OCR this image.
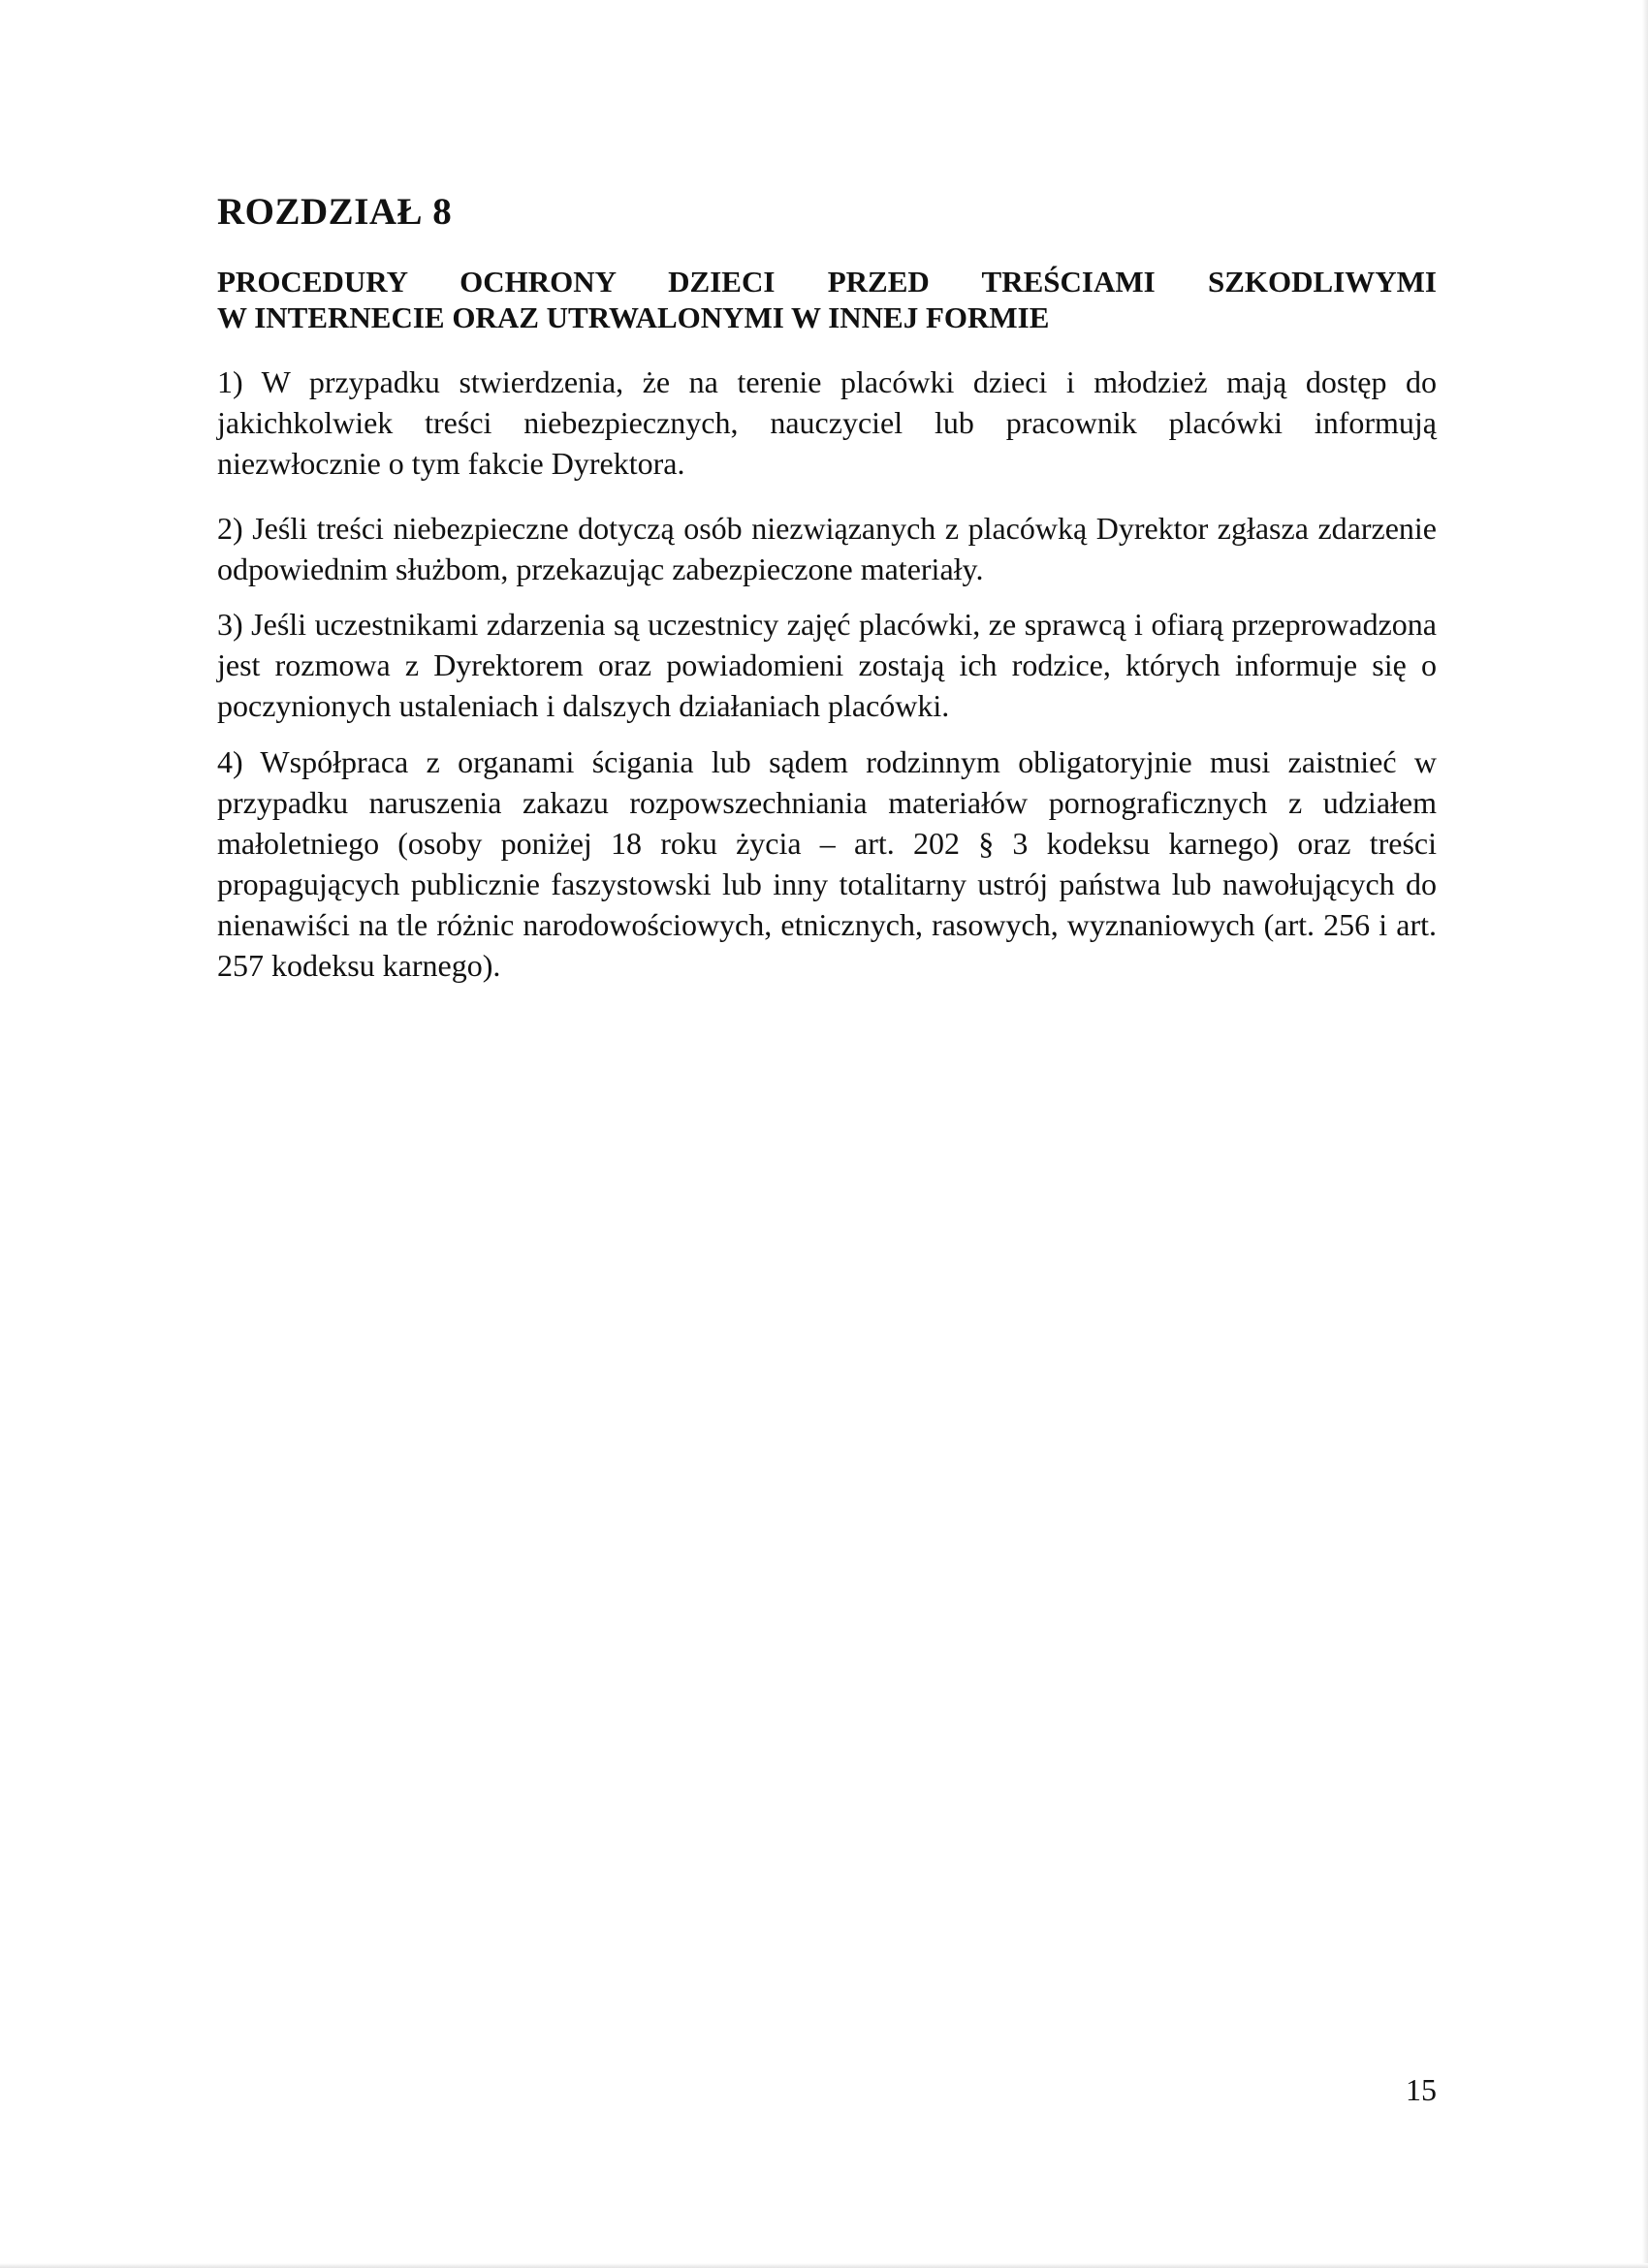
ROZDZIAŁ 8
PROCEDURY OCHRONY DZIECI PRZED TREŚCIAMI SZKODLIWYMI
W INTERNECIE ORAZ UTRWALONYMI W INNEJ FORMIE

1) W przypadku stwierdzenia, że na terenie placówki dzieci i młodzież mają dostęp do jakichkolwiek treści niebezpiecznych, nauczyciel lub pracownik placówki informują niezwłocznie o tym fakcie Dyrektora.

2) Jeśli treści niebezpieczne dotyczą osób niezwiązanych z placówką Dyrektor zgłasza zdarzenie odpowiednim służbom, przekazując zabezpieczone materiały.

3) Jeśli uczestnikami zdarzenia są uczestnicy zajęć placówki, ze sprawcą i ofiarą przeprowadzona jest rozmowa z Dyrektorem oraz powiadomieni zostają ich rodzice, których informuje się o poczynionych ustaleniach i dalszych działaniach placówki.

4) Współpraca z organami ścigania lub sądem rodzinnym obligatoryjnie musi zaistnieć w przypadku naruszenia zakazu rozpowszechniania materiałów pornograficznych z udziałem małoletniego (osoby poniżej 18 roku życia – art. 202 § 3 kodeksu karnego) oraz treści propagujących publicznie faszystowski lub inny totalitarny ustrój państwa lub nawołujących do nienawiści na tle różnic narodowościowych, etnicznych, rasowych, wyznaniowych (art. 256 i art. 257 kodeksu karnego).

15
